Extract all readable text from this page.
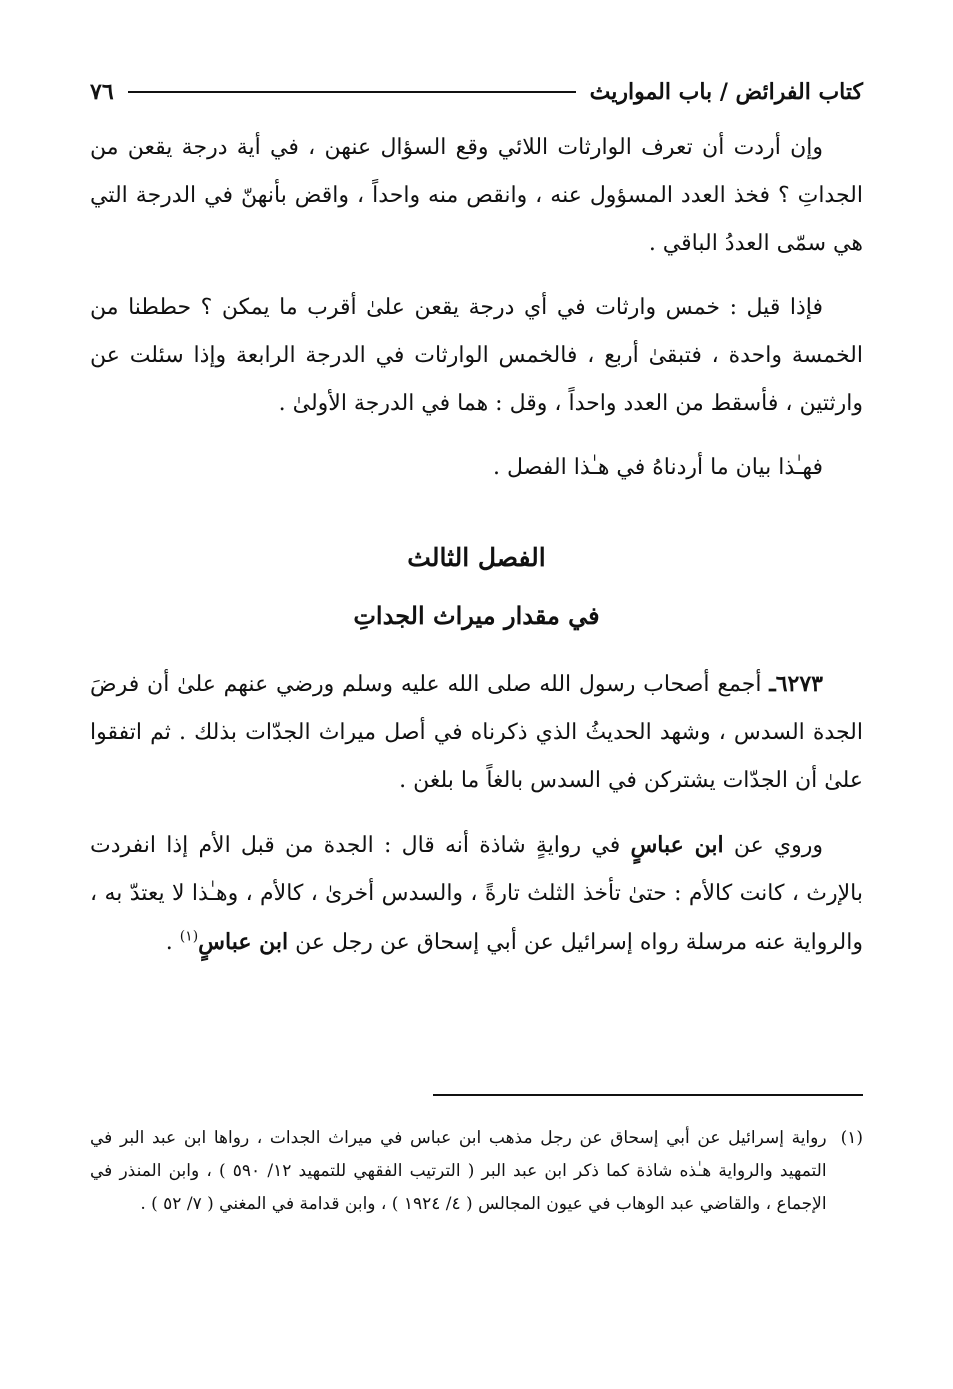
٧٦	كتاب الفرائض / باب المواريث

وإن أردت أن تعرف الوارثات اللائي وقع السؤال عنهن ، في أية درجة يقعن من الجداتِ ؟ فخذ العدد المسؤول عنه ، وانقص منه واحداً ، واقض بأنهنّ في الدرجة التي هي سمّى العددُ الباقي .

فإذا قيل : خمس وارثات في أي درجة يقعن علىٰ أقرب ما يمكن ؟ حططنا من الخمسة واحدة ، فتبقىٰ أربع ، فالخمس الوارثات في الدرجة الرابعة وإذا سئلت عن وارثتين ، فأسقط من العدد واحداً ، وقل : هما في الدرجة الأولىٰ .

فهـٰذا بيان ما أردناهُ في هـٰذا الفصل .

الفصل الثالث
في مقدار ميراث الجداتِ

٦٢٧٣ـ أجمع أصحاب رسول الله صلى الله عليه وسلم ورضي عنهم علىٰ أن فرضَ الجدة السدس ، وشهد الحديثُ الذي ذكرناه في أصل ميراث الجدّات بذلك . ثم اتفقوا علىٰ أن الجدّات يشتركن في السدس بالغاً ما بلغن .

وروي عن ابن عباسٍ في روايةٍ شاذة أنه قال : الجدة من قبل الأم إذا انفردت بالإرث ، كانت كالأم : حتىٰ تأخذ الثلث تارةً ، والسدس أخرىٰ ، كالأم ، وهـٰذا لا يعتدّ به ، والرواية عنه مرسلة رواه إسرائيل عن أبي إسحاق عن رجل عن ابن عباسٍ$^{(١)}$ .

(١)
رواية إسرائيل عن أبي إسحاق عن رجل مذهب ابن عباس في ميراث الجدات ، رواها ابن عبد البر في التمهيد والرواية هـٰذه شاذة كما ذكر ابن عبد البر ( الترتيب الفقهي للتمهيد ١٢/ ٥٩٠ ) ، وابن المنذر في الإجماع ، والقاضي عبد الوهاب في عيون المجالس ( ٤/ ١٩٢٤ ) ، وابن قدامة في المغني ( ٧/ ٥٢ ) .
